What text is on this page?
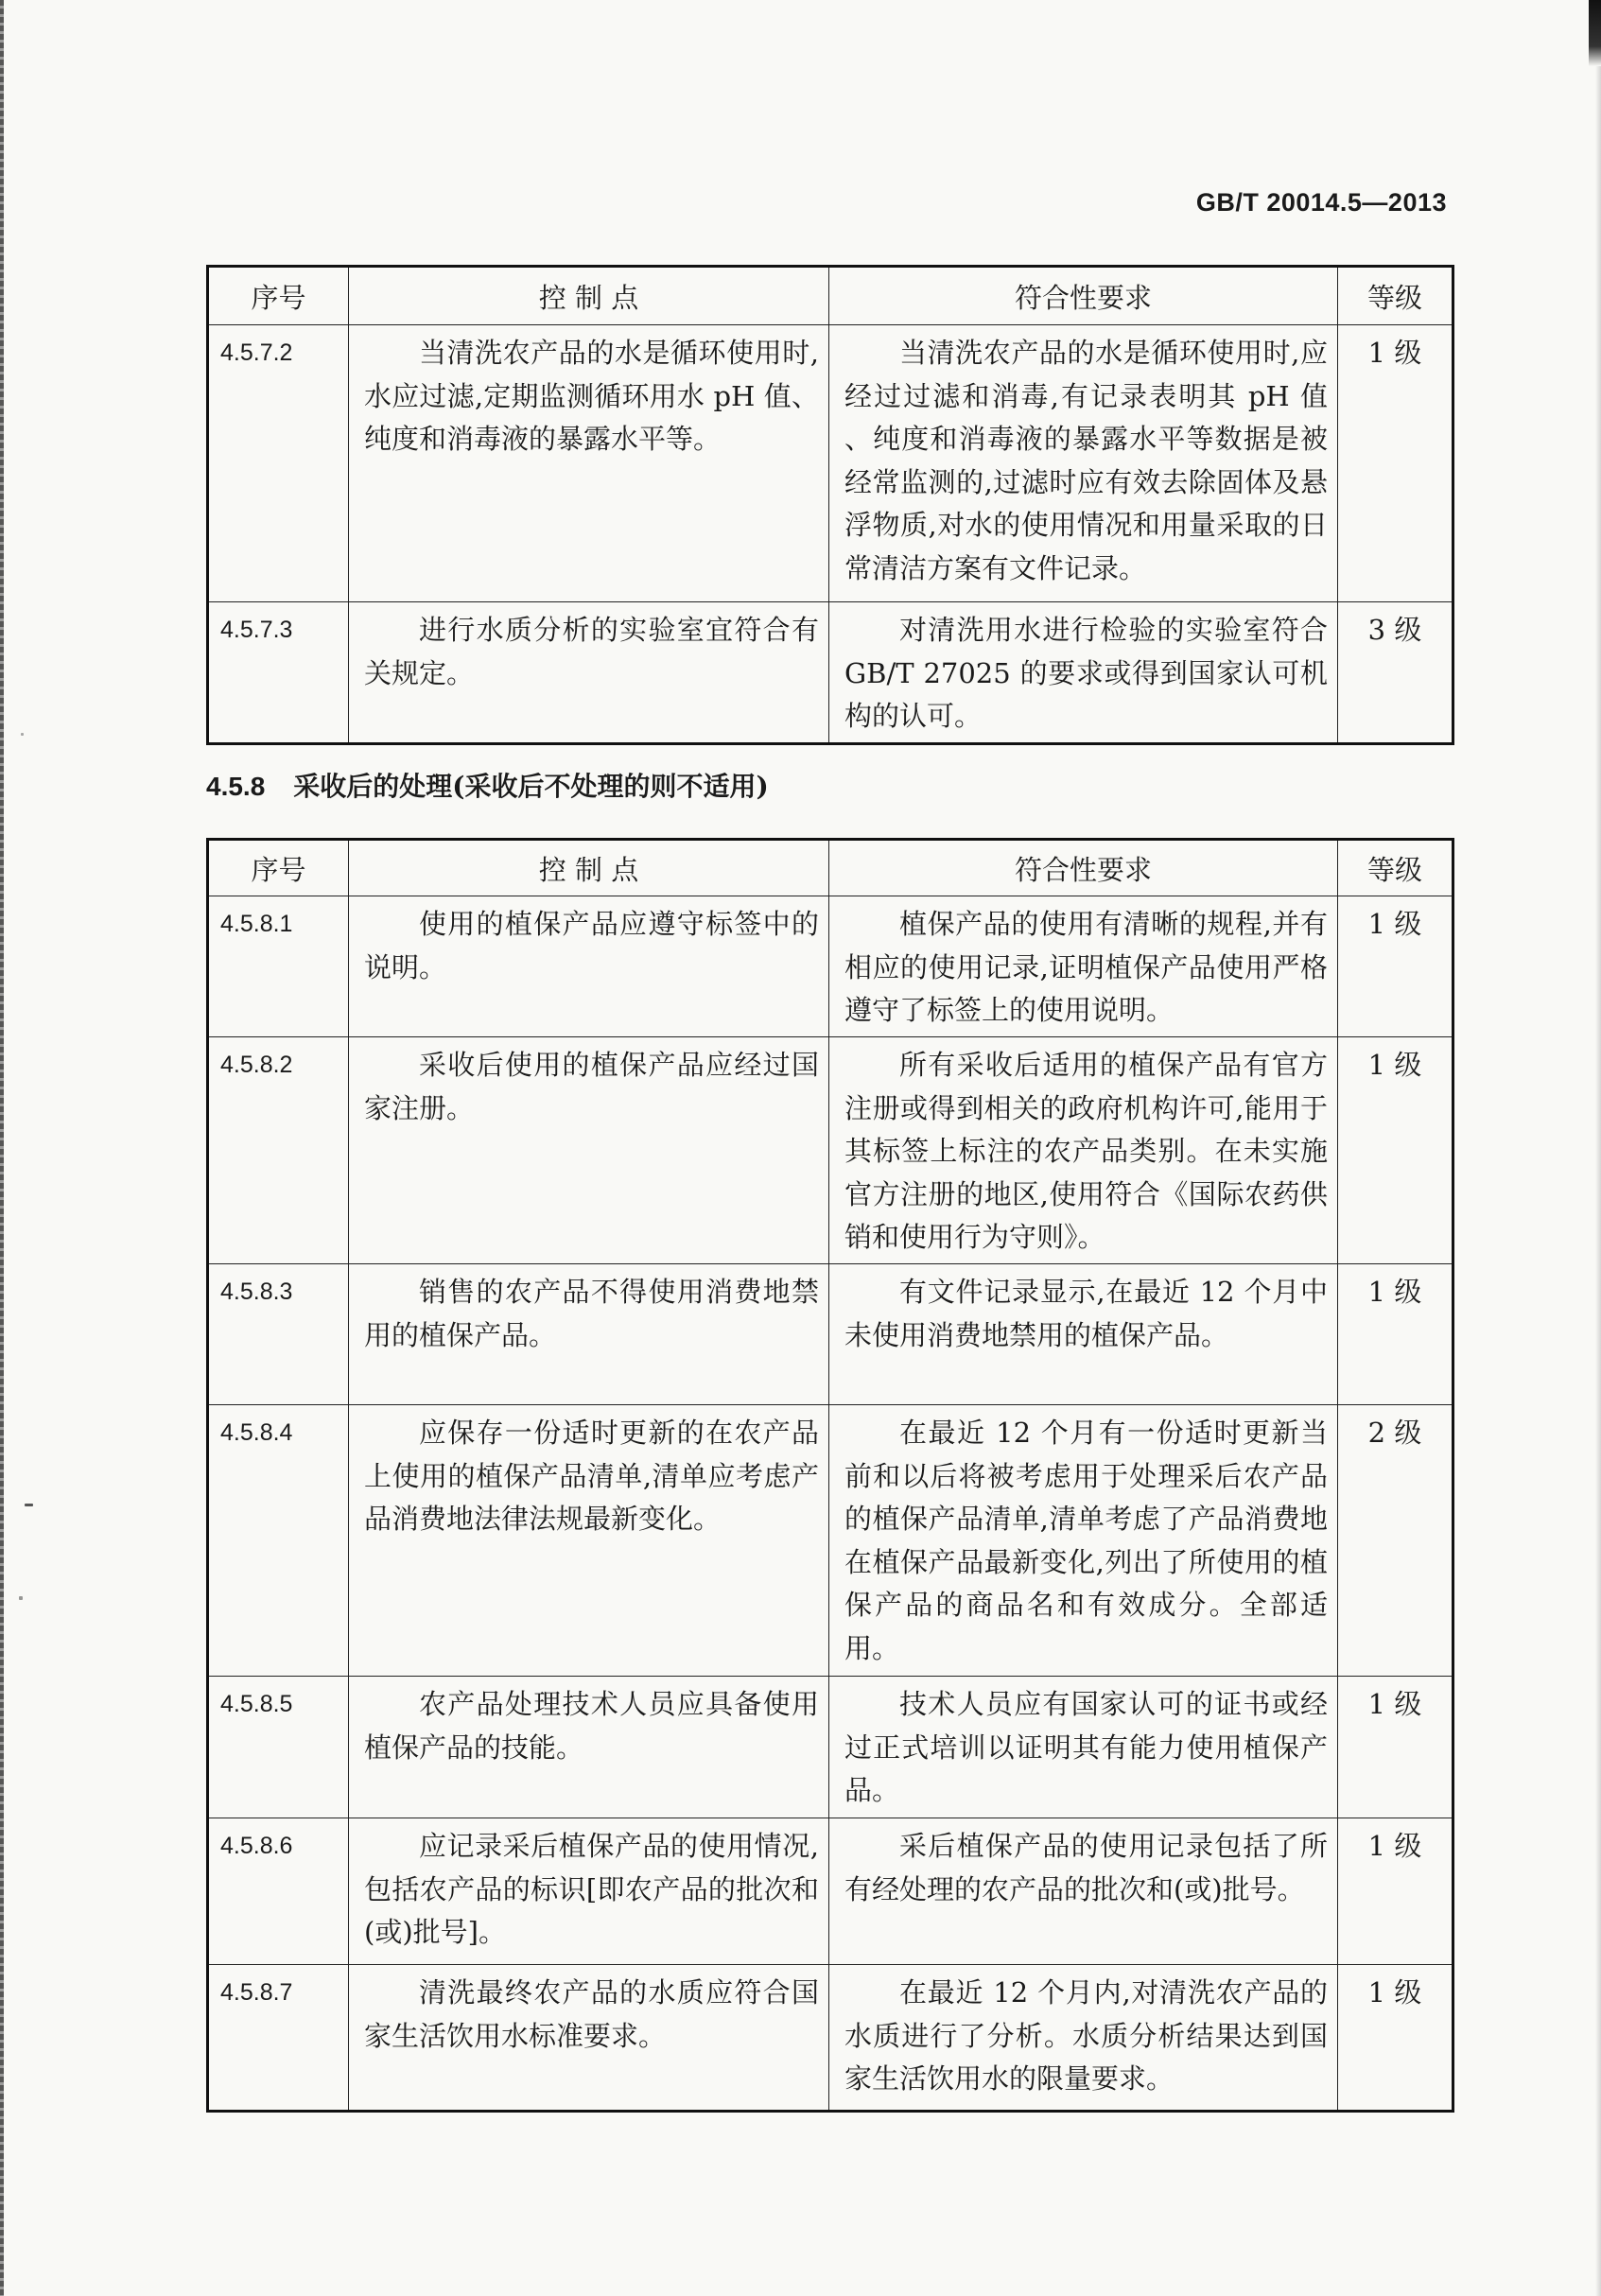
GB/T 20014.5—2013
序号	控 制 点	符合性要求	等级
4.5.7.2	当清洗农产品的水是循环使用时,水应过滤,定期监测循环用水 pH 值、纯度和消毒液的暴露水平等。	当清洗农产品的水是循环使用时,应经过过滤和消毒,有记录表明其 pH 值 、纯度和消毒液的暴露水平等数据是被经常监测的,过滤时应有效去除固体及悬浮物质,对水的使用情况和用量采取的日常清洁方案有文件记录。	1 级
4.5.7.3	进行水质分析的实验室宜符合有关规定。	对清洗用水进行检验的实验室符合 GB/T 27025 的要求或得到国家认可机构的认可。	3 级
4.5.8 采收后的处理(采收后不处理的则不适用)
序号	控 制 点	符合性要求	等级
4.5.8.1	使用的植保产品应遵守标签中的说明。	植保产品的使用有清晰的规程,并有相应的使用记录,证明植保产品使用严格遵守了标签上的使用说明。	1 级
4.5.8.2	采收后使用的植保产品应经过国家注册。	所有采收后适用的植保产品有官方注册或得到相关的政府机构许可,能用于其标签上标注的农产品类别。在未实施官方注册的地区,使用符合《国际农药供销和使用行为守则》。	1 级
4.5.8.3	销售的农产品不得使用消费地禁用的植保产品。	有文件记录显示,在最近 12 个月中未使用消费地禁用的植保产品。	1 级
4.5.8.4	应保存一份适时更新的在农产品上使用的植保产品清单,清单应考虑产品消费地法律法规最新变化。	在最近 12 个月有一份适时更新当前和以后将被考虑用于处理采后农产品的植保产品清单,清单考虑了产品消费地在植保产品最新变化,列出了所使用的植保产品的商品名和有效成分。全部适用。	2 级
4.5.8.5	农产品处理技术人员应具备使用植保产品的技能。	技术人员应有国家认可的证书或经过正式培训以证明其有能力使用植保产品。	1 级
4.5.8.6	应记录采后植保产品的使用情况,包括农产品的标识[即农产品的批次和(或)批号]。	采后植保产品的使用记录包括了所有经处理的农产品的批次和(或)批号。	1 级
4.5.8.7	清洗最终农产品的水质应符合国家生活饮用水标准要求。	在最近 12 个月内,对清洗农产品的水质进行了分析。水质分析结果达到国家生活饮用水的限量要求。	1 级
